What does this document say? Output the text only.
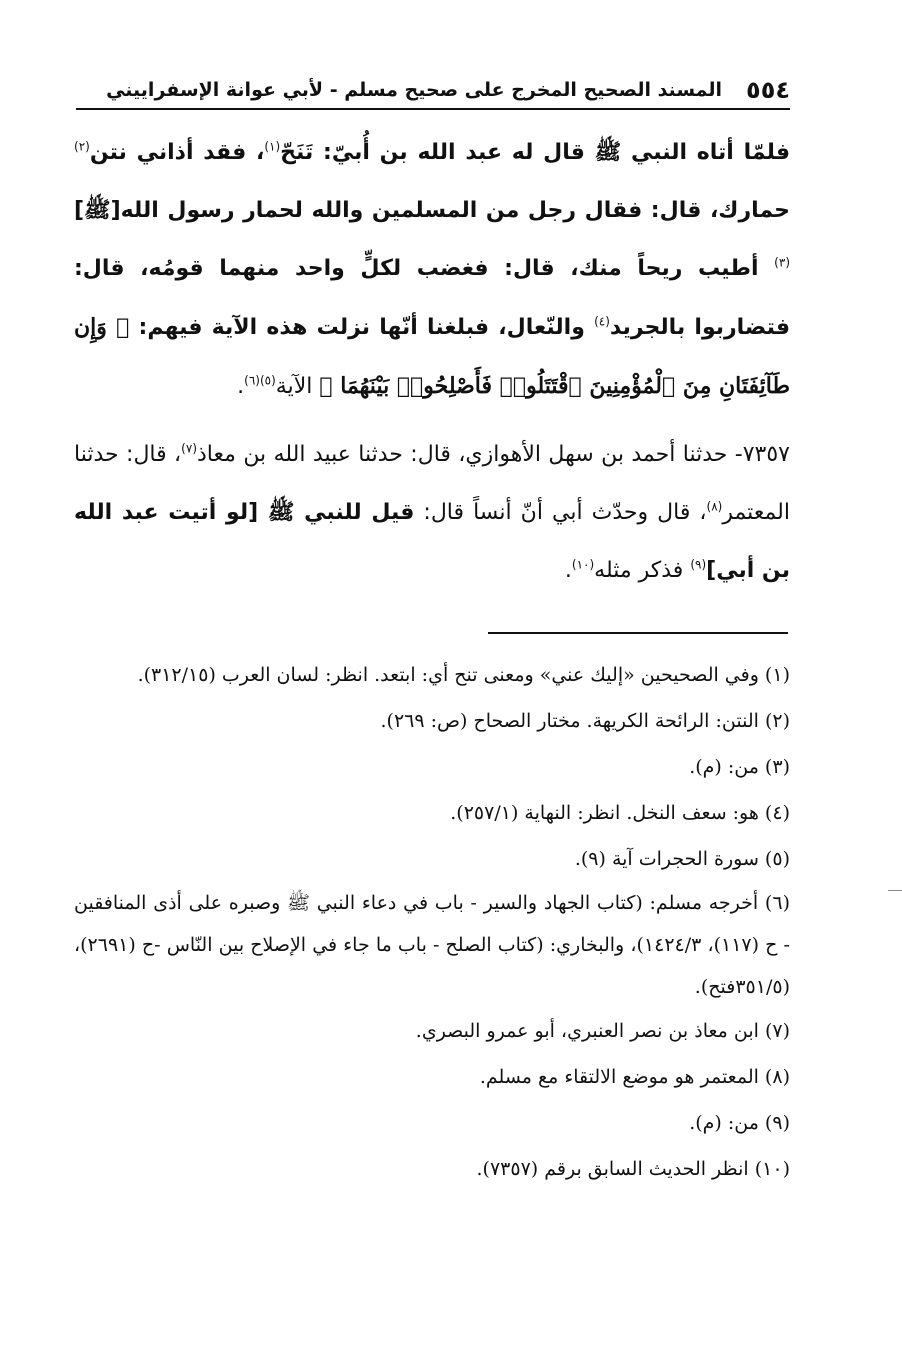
٥٥٤
المسند الصحيح المخرج على صحيح مسلم - لأبي عوانة الإسفراييني

فلمّا أتاه النبي ﷺ قال له عبد الله بن أُبيّ: تَنَحّ$^{(١)}$، فقد أذاني نتن$^{(٢)}$ حمارك، قال: فقال رجل من المسلمين والله لحمار رسول الله[ﷺ]$^{(٣)}$ أطيب ريحاً منك، قال: فغضب لكلٍّ واحد منهما قومُه، قال: فتضاربوا بالجريد$^{(٤)}$ والنّعال، فبلغنا أنّها نزلت هذه الآية فيهم: ﴿ وَإِن طَآئِفَتَانِ مِنَ ٱلْمُؤْمِنِينَ ٱقْتَتَلُوا۟ فَأَصْلِحُوا۟ بَيْنَهُمَا ﴾ الآية$^{(٥)(٦)}$.

٧٣٥٧- حدثنا أحمد بن سهل الأهوازي، قال: حدثنا عبيد الله بن معاذ$^{(٧)}$، قال: حدثنا المعتمر$^{(٨)}$، قال وحدّث أبي أنّ أنساً قال: قيل للنبي ﷺ [لو أتيت عبد الله بن أبي]$^{(٩)}$ فذكر مثله$^{(١٠)}$.

(١) وفي الصحيحين «إليك عني» ومعنى تنح أي: ابتعد. انظر: لسان العرب (٣١٢/١٥).

(٢) النتن: الرائحة الكريهة. مختار الصحاح (ص: ٢٦٩).

(٣) من: (م).

(٤) هو: سعف النخل. انظر: النهاية (٢٥٧/١).

(٥) سورة الحجرات آية (٩).

(٦) أخرجه مسلم: (كتاب الجهاد والسير - باب في دعاء النبي ﷺ وصبره على أذى المنافقين - ح (١١٧)، ١٤٢٤/٣)، والبخاري: (كتاب الصلح - باب ما جاء في الإصلاح بين النّاس -ح (٢٦٩١)، (٣٥١/٥فتح).

(٧) ابن معاذ بن نصر العنبري، أبو عمرو البصري.

(٨) المعتمر هو موضع الالتقاء مع مسلم.

(٩) من: (م).

(١٠) انظر الحديث السابق برقم (٧٣٥٧).
